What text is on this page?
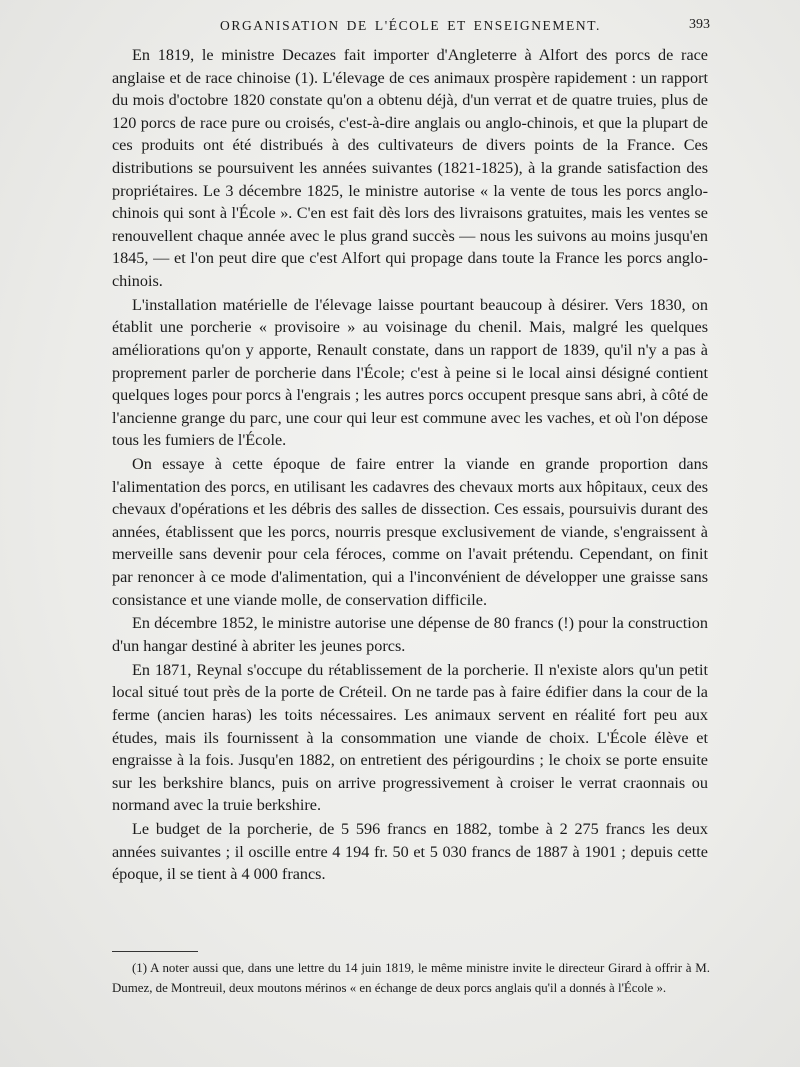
ORGANISATION DE L'ÉCOLE ET ENSEIGNEMENT.	393

En 1819, le ministre Decazes fait importer d'Angleterre à Alfort des porcs de race anglaise et de race chinoise (1). L'élevage de ces animaux prospère rapidement : un rapport du mois d'octobre 1820 constate qu'on a obtenu déjà, d'un verrat et de quatre truies, plus de 120 porcs de race pure ou croisés, c'est-à-dire anglais ou anglo-chinois, et que la plupart de ces produits ont été distribués à des cultivateurs de divers points de la France. Ces distributions se poursuivent les années suivantes (1821-1825), à la grande satisfaction des propriétaires. Le 3 décembre 1825, le ministre autorise « la vente de tous les porcs anglo-chinois qui sont à l'École ». C'en est fait dès lors des livraisons gratuites, mais les ventes se renouvellent chaque année avec le plus grand succès — nous les suivons au moins jusqu'en 1845, — et l'on peut dire que c'est Alfort qui propage dans toute la France les porcs anglo-chinois.

L'installation matérielle de l'élevage laisse pourtant beaucoup à désirer. Vers 1830, on établit une porcherie « provisoire » au voisinage du chenil. Mais, malgré les quelques améliorations qu'on y apporte, Renault constate, dans un rapport de 1839, qu'il n'y a pas à proprement parler de porcherie dans l'École; c'est à peine si le local ainsi désigné contient quelques loges pour porcs à l'engrais ; les autres porcs occupent presque sans abri, à côté de l'ancienne grange du parc, une cour qui leur est commune avec les vaches, et où l'on dépose tous les fumiers de l'École.

On essaye à cette époque de faire entrer la viande en grande proportion dans l'alimentation des porcs, en utilisant les cadavres des chevaux morts aux hôpitaux, ceux des chevaux d'opérations et les débris des salles de dissection. Ces essais, poursuivis durant des années, établissent que les porcs, nourris presque exclusivement de viande, s'engraissent à merveille sans devenir pour cela féroces, comme on l'avait prétendu. Cependant, on finit par renoncer à ce mode d'alimentation, qui a l'inconvénient de développer une graisse sans consistance et une viande molle, de conservation difficile.

En décembre 1852, le ministre autorise une dépense de 80 francs (!) pour la construction d'un hangar destiné à abriter les jeunes porcs.

En 1871, Reynal s'occupe du rétablissement de la porcherie. Il n'existe alors qu'un petit local situé tout près de la porte de Créteil. On ne tarde pas à faire édifier dans la cour de la ferme (ancien haras) les toits nécessaires. Les animaux servent en réalité fort peu aux études, mais ils fournissent à la consommation une viande de choix. L'École élève et engraisse à la fois. Jusqu'en 1882, on entretient des périgourdins ; le choix se porte ensuite sur les berkshire blancs, puis on arrive progressivement à croiser le verrat craonnais ou normand avec la truie berkshire.

Le budget de la porcherie, de 5 596 francs en 1882, tombe à 2 275 francs les deux années suivantes ; il oscille entre 4 194 fr. 50 et 5 030 francs de 1887 à 1901 ; depuis cette époque, il se tient à 4 000 francs.

(1) A noter aussi que, dans une lettre du 14 juin 1819, le même ministre invite le directeur Girard à offrir à M. Dumez, de Montreuil, deux moutons mérinos « en échange de deux porcs anglais qu'il a donnés à l'École ».
